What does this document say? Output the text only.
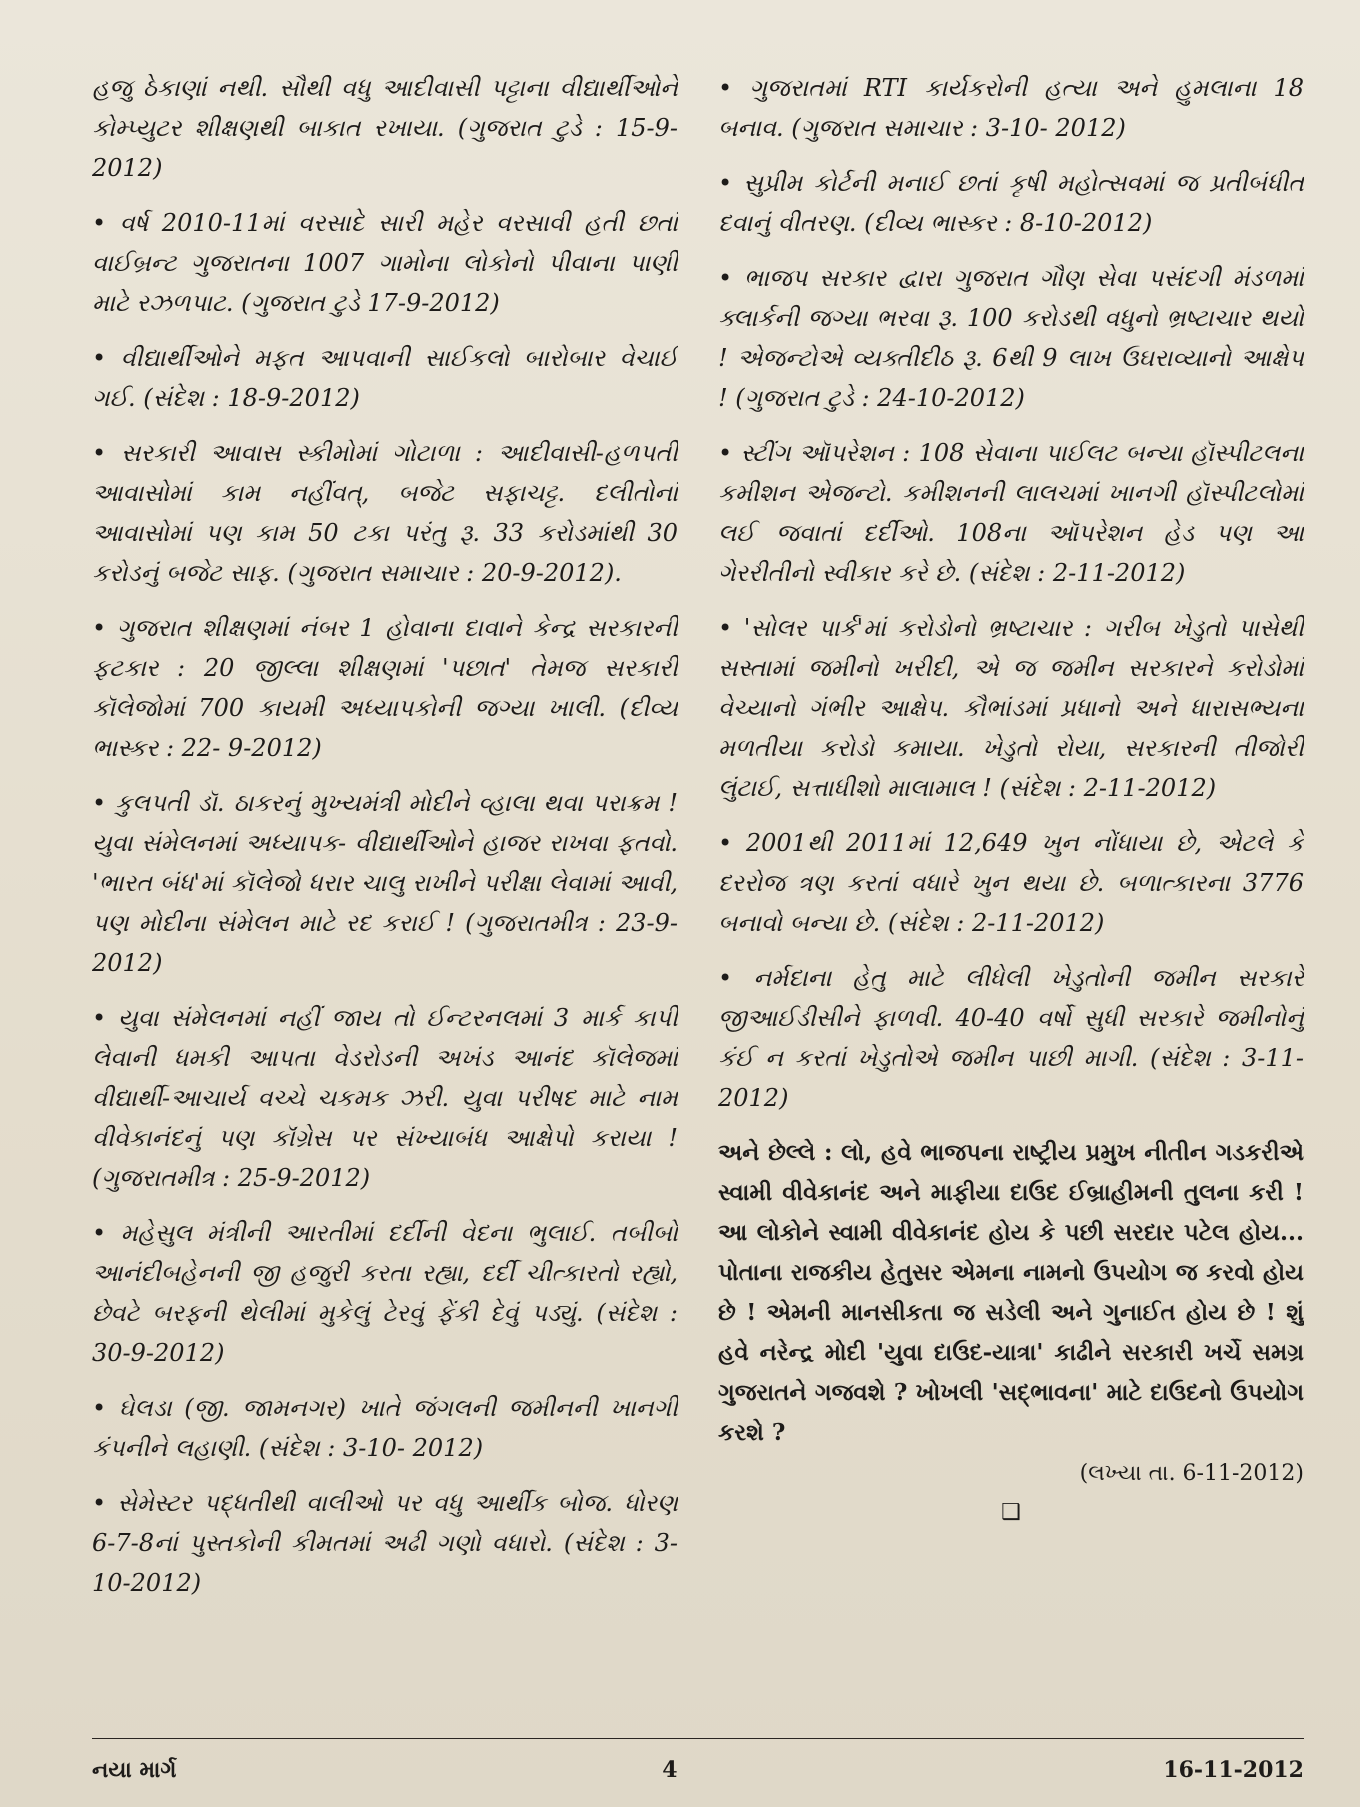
હજુ ઠેકાણાં નથી. સૌથી વધુ આદીવાસી પટ્ટાના વીદ્યાર્થીઓને કોમ્પ્યુટર શીક્ષણથી બાકાત રખાયા. (ગુજરાત ટુડે : 15-9-2012)

• વર્ષ 2010-11માં વરસાદે સારી મહેર વરસાવી હતી છતાં વાઈબ્રન્ટ ગુજરાતના 1007 ગામોના લોકોનો પીવાના પાણી માટે રઝળપાટ. (ગુજરાત ટુડે 17-9-2012)

• વીદ્યાર્થીઓને મફત આપવાની સાઈકલો બારોબાર વેચાઈ ગઈ. (સંદેશ : 18-9-2012)

• સરકારી આવાસ સ્કીમોમાં ગોટાળા : આદીવાસી-હળપતી આવાસોમાં કામ નહીંવત્, બજેટ સફાચટ્ટ. દલીતોનાં આવાસોમાં પણ કામ 50 ટકા પરંતુ રૂ. 33 કરોડમાંથી 30 કરોડનું બજેટ સાફ. (ગુજરાત સમાચાર : 20-9-2012).

• ગુજરાત શીક્ષણમાં નંબર 1 હોવાના દાવાને કેન્દ્ર સરકારની ફટકાર : 20 જીલ્લા શીક્ષણમાં 'પછાત' તેમજ સરકારી કૉલેજોમાં 700 કાયમી અધ્યાપકોની જગ્યા ખાલી. (દીવ્ય ભાસ્કર : 22- 9-2012)

• કુલપતી ડૉ. ઠાકરનું મુખ્યમંત્રી મોદીને વ્હાલા થવા પરાક્રમ ! યુવા સંમેલનમાં અધ્યાપક- વીદ્યાર્થીઓને હાજર રાખવા ફતવો. 'ભારત બંધ'માં કૉલેજો ધરાર ચાલુ રાખીને પરીક્ષા લેવામાં આવી, પણ મોદીના સંમેલન માટે રદ કરાઈ ! (ગુજરાતમીત્ર : 23-9-2012)

• યુવા સંમેલનમાં નહીં જાય તો ઈન્ટરનલમાં 3 માર્ક કાપી લેવાની ધમકી આપતા વેડરોડની અખંડ આનંદ કૉલેજમાં વીદ્યાર્થી-આચાર્ય વચ્ચે ચકમક ઝરી. યુવા પરીષદ માટે નામ વીવેકાનંદનું પણ કૉંગ્રેસ પર સંખ્યાબંધ આક્ષેપો કરાયા ! (ગુજરાતમીત્ર : 25-9-2012)

• મહેસુલ મંત્રીની આરતીમાં દર્દીની વેદના ભુલાઈ. તબીબો આનંદીબહેનની જી હજુરી કરતા રહ્યા, દર્દી ચીત્કારતો રહ્યો, છેવટે બરફની થેલીમાં મુકેલું ટેરવું ફેંકી દેવું પડ્યું. (સંદેશ : 30-9-2012)

• ઘેલડા (જી. જામનગર) ખાતે જંગલની જમીનની ખાનગી કંપનીને લહાણી. (સંદેશ : 3-10- 2012)

• સેમેસ્ટર પદ્ધતીથી વાલીઓ પર વધુ આર્થીક બોજ. ધોરણ 6-7-8નાં પુસ્તકોની કીમતમાં અઢી ગણો વધારો. (સંદેશ : 3-10-2012)

• ગુજરાતમાં RTI કાર્યકરોની હત્યા અને હુમલાના 18 બનાવ. (ગુજરાત સમાચાર : 3-10- 2012)

• સુપ્રીમ કોર્ટની મનાઈ છતાં કૃષી મહોત્સવમાં જ પ્રતીબંધીત દવાનું વીતરણ. (દીવ્ય ભાસ્કર : 8-10-2012)

• ભાજપ સરકાર દ્વારા ગુજરાત ગૌણ સેવા પસંદગી મંડળમાં ક્લાર્કની જગ્યા ભરવા રૂ. 100 કરોડથી વધુનો ભ્રષ્ટાચાર થયો ! એજન્ટોએ વ્યક્તીદીઠ રૂ. 6થી 9 લાખ ઉઘરાવ્યાનો આક્ષેપ ! (ગુજરાત ટુડે : 24-10-2012)

• સ્ટીંગ ઑપરેશન : 108 સેવાના પાઈલટ બન્યા હૉસ્પીટલના કમીશન એજન્ટો. કમીશનની લાલચમાં ખાનગી હૉસ્પીટલોમાં લઈ જવાતાં દર્દીઓ. 108ના ઑપરેશન હેડ પણ આ ગેરરીતીનો સ્વીકાર કરે છે. (સંદેશ : 2-11-2012)

• 'સોલર પાર્ક'માં કરોડોનો ભ્રષ્ટાચાર : ગરીબ ખેડુતો પાસેથી સસ્તામાં જમીનો ખરીદી, એ જ જમીન સરકારને કરોડોમાં વેચ્યાનો ગંભીર આક્ષેપ. કૌભાંડમાં પ્રધાનો અને ધારાસભ્યના મળતીયા કરોડો કમાયા. ખેડુતો રોયા, સરકારની તીજોરી લુંટાઈ, સત્તાધીશો માલામાલ ! (સંદેશ : 2-11-2012)

• 2001થી 2011માં 12,649 ખુન નોંધાયા છે, એટલે કે દરરોજ ત્રણ કરતાં વધારે ખુન થયા છે. બળાત્કારના 3776 બનાવો બન્યા છે. (સંદેશ : 2-11-2012)

• નર્મદાના હેતુ માટે લીધેલી ખેડુતોની જમીન સરકારે જીઆઈડીસીને ફાળવી. 40-40 વર્ષો સુધી સરકારે જમીનોનું કંઈ ન કરતાં ખેડુતોએ જમીન પાછી માગી. (સંદેશ : 3-11-2012)

અને છેલ્લે : લો, હવે ભાજપના રાષ્ટ્રીય પ્રમુખ નીતીન ગડકરીએ સ્વામી વીવેકાનંદ અને માફીયા દાઉદ ઈબ્રાહીમની તુલના કરી ! આ લોકોને સ્વામી વીવેકાનંદ હોય કે પછી સરદાર પટેલ હોય... પોતાના રાજકીય હેતુસર એમના નામનો ઉપયોગ જ કરવો હોય છે ! એમની માનસીકતા જ સડેલી અને ગુનાઈત હોય છે ! શું હવે નરેન્દ્ર મોદી 'યુવા દાઉદ-યાત્રા' કાઢીને સરકારી ખર્ચે સમગ્ર ગુજરાતને ગજવશે ? ખોખલી 'સદ્ભાવના' માટે દાઉદનો ઉપયોગ કરશે ?

(લખ્યા તા. 6-11-2012)
❑
નયા માર્ગ	4	16-11-2012
